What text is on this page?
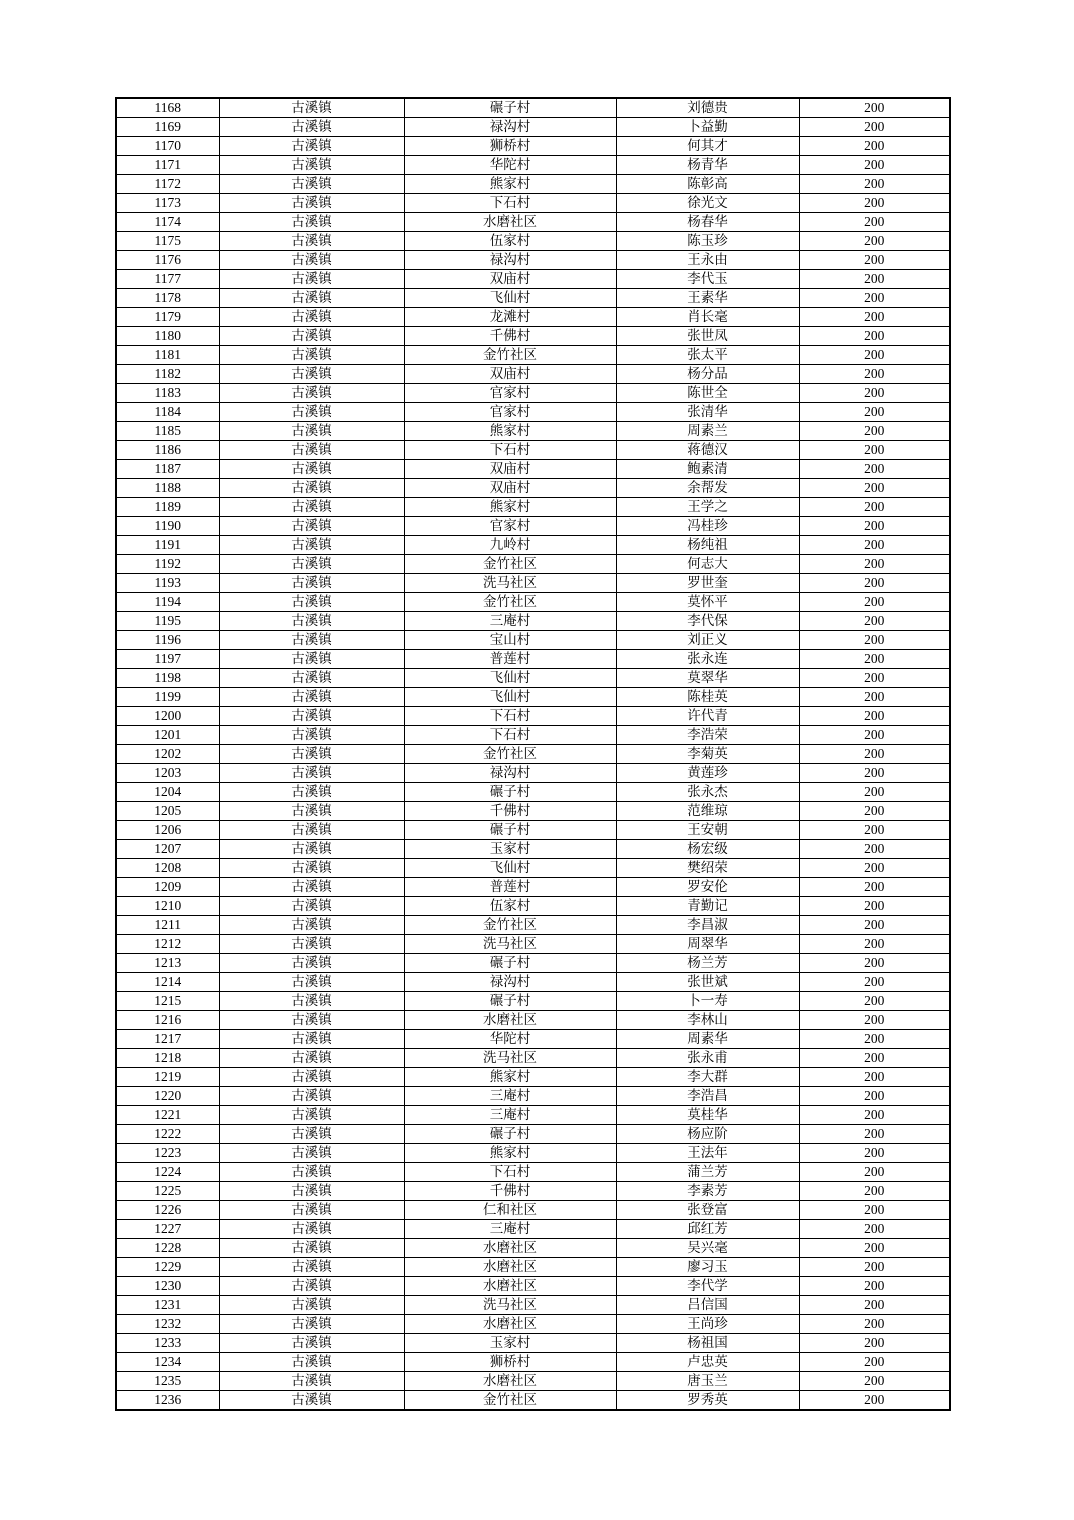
1168	古溪镇	碾子村	刘德贵	200
1169	古溪镇	禄沟村	卜益勤	200
1170	古溪镇	狮桥村	何其才	200
1171	古溪镇	华陀村	杨青华	200
1172	古溪镇	熊家村	陈彰高	200
1173	古溪镇	下石村	徐光文	200
1174	古溪镇	水磨社区	杨春华	200
1175	古溪镇	伍家村	陈玉珍	200
1176	古溪镇	禄沟村	王永由	200
1177	古溪镇	双庙村	李代玉	200
1178	古溪镇	飞仙村	王素华	200
1179	古溪镇	龙滩村	肖长毫	200
1180	古溪镇	千佛村	张世凤	200
1181	古溪镇	金竹社区	张太平	200
1182	古溪镇	双庙村	杨分品	200
1183	古溪镇	官家村	陈世全	200
1184	古溪镇	官家村	张清华	200
1185	古溪镇	熊家村	周素兰	200
1186	古溪镇	下石村	蒋德汉	200
1187	古溪镇	双庙村	鲍素清	200
1188	古溪镇	双庙村	余帮发	200
1189	古溪镇	熊家村	王学之	200
1190	古溪镇	官家村	冯桂珍	200
1191	古溪镇	九岭村	杨纯祖	200
1192	古溪镇	金竹社区	何志大	200
1193	古溪镇	洗马社区	罗世奎	200
1194	古溪镇	金竹社区	莫怀平	200
1195	古溪镇	三庵村	李代保	200
1196	古溪镇	宝山村	刘正义	200
1197	古溪镇	普莲村	张永连	200
1198	古溪镇	飞仙村	莫翠华	200
1199	古溪镇	飞仙村	陈桂英	200
1200	古溪镇	下石村	许代青	200
1201	古溪镇	下石村	李浩荣	200
1202	古溪镇	金竹社区	李菊英	200
1203	古溪镇	禄沟村	黄莲珍	200
1204	古溪镇	碾子村	张永杰	200
1205	古溪镇	千佛村	范维琼	200
1206	古溪镇	碾子村	王安朝	200
1207	古溪镇	玉家村	杨宏级	200
1208	古溪镇	飞仙村	樊绍荣	200
1209	古溪镇	普莲村	罗安伦	200
1210	古溪镇	伍家村	青勤记	200
1211	古溪镇	金竹社区	李昌淑	200
1212	古溪镇	洗马社区	周翠华	200
1213	古溪镇	碾子村	杨兰芳	200
1214	古溪镇	禄沟村	张世斌	200
1215	古溪镇	碾子村	卜一寿	200
1216	古溪镇	水磨社区	李林山	200
1217	古溪镇	华陀村	周素华	200
1218	古溪镇	洗马社区	张永甫	200
1219	古溪镇	熊家村	李大群	200
1220	古溪镇	三庵村	李浩昌	200
1221	古溪镇	三庵村	莫桂华	200
1222	古溪镇	碾子村	杨应阶	200
1223	古溪镇	熊家村	王法年	200
1224	古溪镇	下石村	蒲兰芳	200
1225	古溪镇	千佛村	李素芳	200
1226	古溪镇	仁和社区	张登富	200
1227	古溪镇	三庵村	邱红芳	200
1228	古溪镇	水磨社区	吴兴毫	200
1229	古溪镇	水磨社区	廖习玉	200
1230	古溪镇	水磨社区	李代学	200
1231	古溪镇	洗马社区	吕信国	200
1232	古溪镇	水磨社区	王尚珍	200
1233	古溪镇	玉家村	杨祖国	200
1234	古溪镇	狮桥村	卢忠英	200
1235	古溪镇	水磨社区	唐玉兰	200
1236	古溪镇	金竹社区	罗秀英	200
